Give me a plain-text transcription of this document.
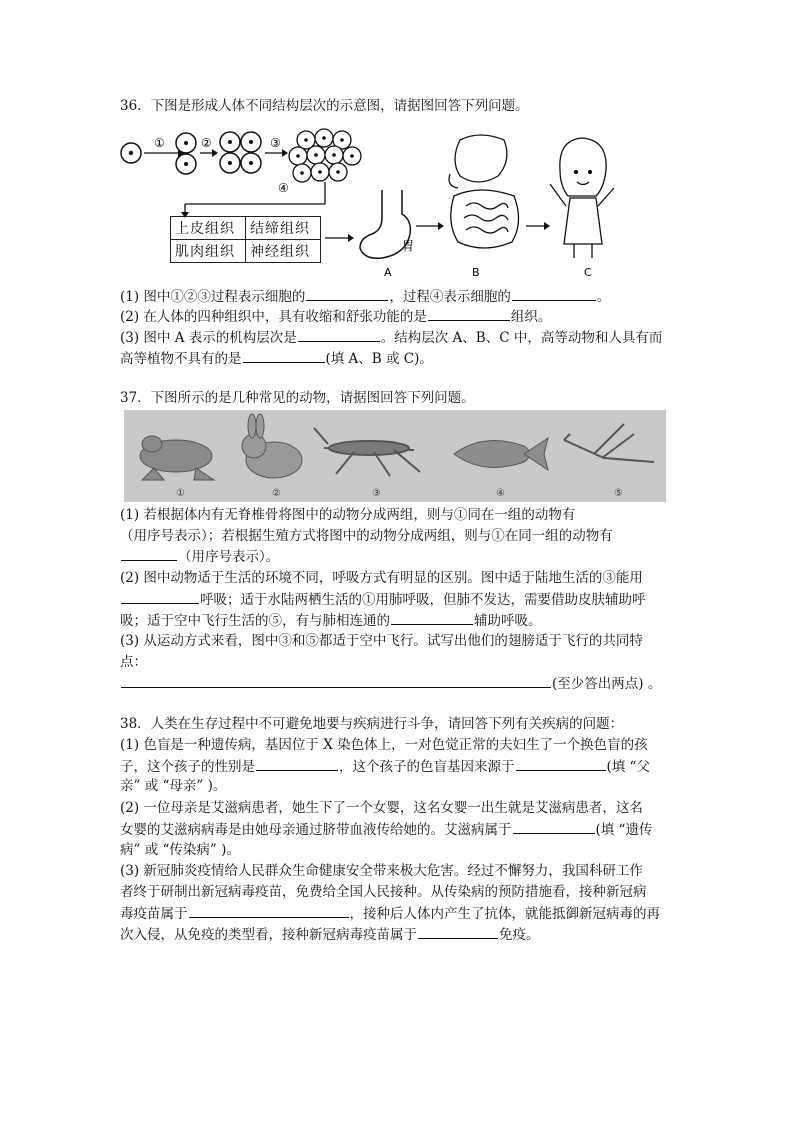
36．下图是形成人体不同结构层次的示意图，请据图回答下列问题。
①	②	③
④
胃
A	B	C
上皮组织	结缔组织
肌肉组织	神经组织
(1) 图中①②③过程表示细胞的	，过程④表示细胞的	。
(2) 在人体的四种组织中，具有收缩和舒张功能的是	组织。
(3) 图中 A 表示的机构层次是	。结构层次 A、B、C 中，高等动物和人具有而
高等植物不具有的是	(填 A、B 或 C)。
37．下图所示的是几种常见的动物，请据图回答下列问题。
①	②	③	④	⑤
(1) 若根据体内有无脊椎骨将图中的动物分成两组，则与①同在一组的动物有
（用序号表示）；若根据生殖方式将图中的动物分成两组，则与①在同一组的动物有
（用序号表示）。
(2) 图中动物适于生活的环境不同，呼吸方式有明显的区别。图中适于陆地生活的③能用
呼吸；适于水陆两栖生活的①用肺呼吸，但肺不发达，需要借助皮肤辅助呼
吸；适于空中飞行生活的⑤，有与肺相连通的	辅助呼吸。
(3) 从运动方式来看，图中③和⑤都适于空中飞行。试写出他们的翅膀适于飞行的共同特
点：
(至少答出两点) 。
38．人类在生存过程中不可避免地要与疾病进行斗争，请回答下列有关疾病的问题：
(1) 色盲是一种遗传病，基因位于 X 染色体上，一对色觉正常的夫妇生了一个换色盲的孩
子，这个孩子的性别是	，这个孩子的色盲基因来源于	(填 “父
亲” 或 “母亲” )。
(2) 一位母亲是艾滋病患者，她生下了一个女婴，这名女婴一出生就是艾滋病患者，这名
女婴的艾滋病病毒是由她母亲通过脐带血液传给她的。艾滋病属于	(填 “遗传
病” 或 “传染病” )。
(3) 新冠肺炎疫情给人民群众生命健康安全带来极大危害。经过不懈努力，我国科研工作
者终于研制出新冠病毒疫苗，免费给全国人民接种。从传染病的预防措施看，接种新冠病
毒疫苗属于	，接种后人体内产生了抗体，就能抵御新冠病毒的再
次入侵，从免疫的类型看，接种新冠病毒疫苗属于	免疫。
